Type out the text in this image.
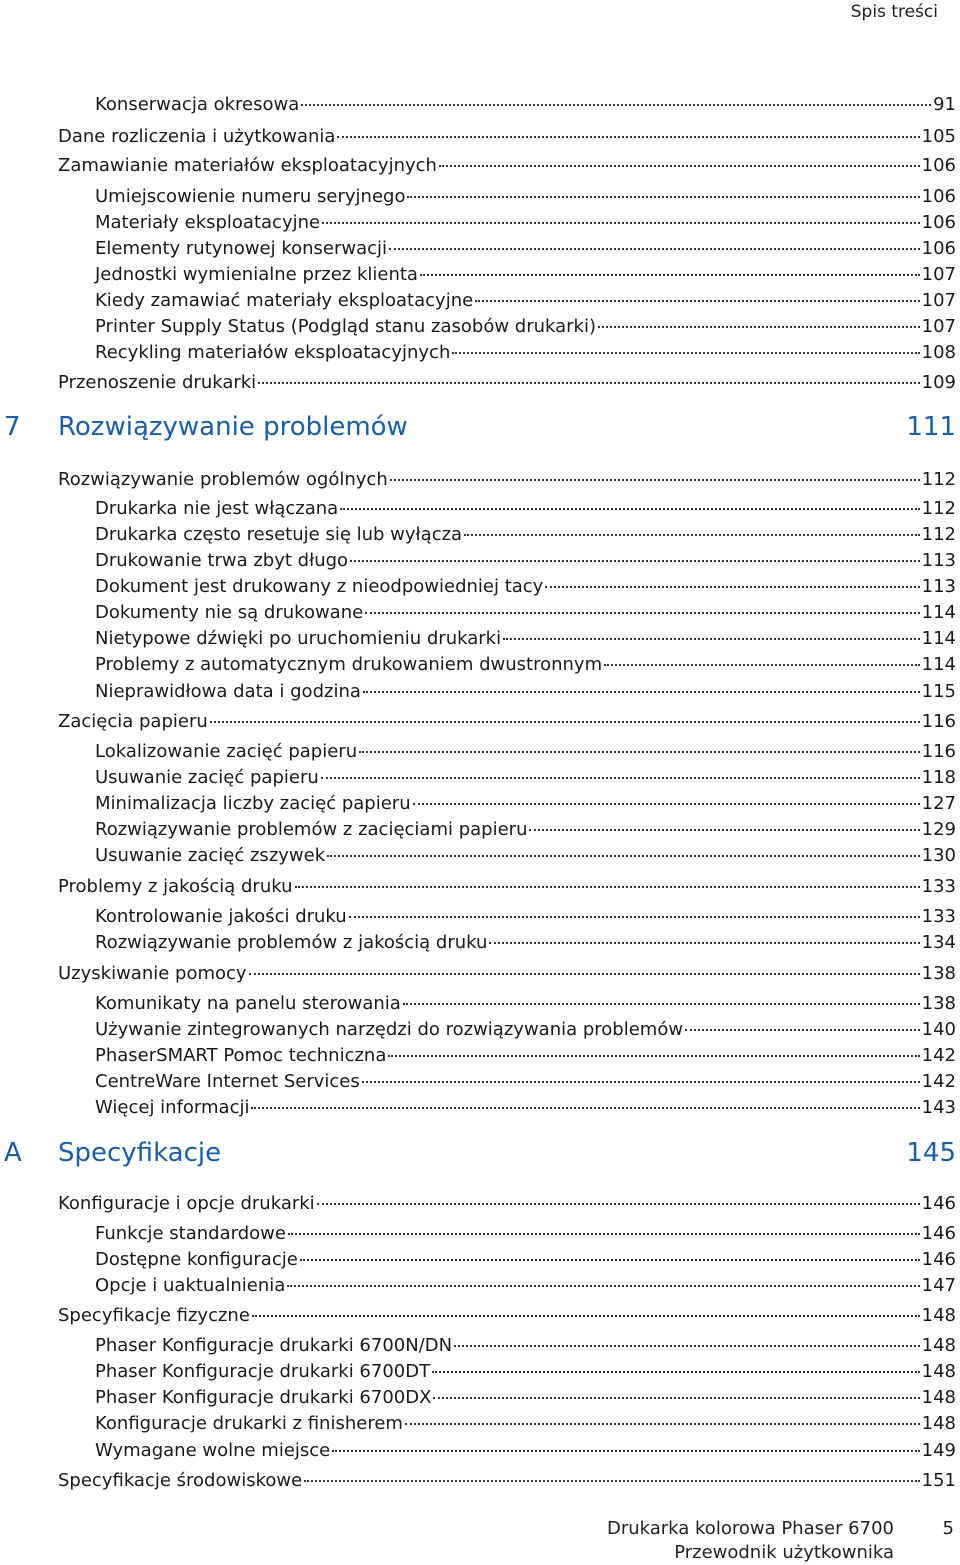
Spis treści
Konserwacja okresowa	91
Dane rozliczenia i użytkowania	105
Zamawianie materiałów eksploatacyjnych	106
Umiejscowienie numeru seryjnego	106
Materiały eksploatacyjne	106
Elementy rutynowej konserwacji	106
Jednostki wymienialne przez klienta	107
Kiedy zamawiać materiały eksploatacyjne	107
Printer Supply Status (Podgląd stanu zasobów drukarki)	107
Recykling materiałów eksploatacyjnych	108
Przenoszenie drukarki	109
7 Rozwiązywanie problemów	111
Rozwiązywanie problemów ogólnych	112
Drukarka nie jest włączana	112
Drukarka często resetuje się lub wyłącza	112
Drukowanie trwa zbyt długo	113
Dokument jest drukowany z nieodpowiedniej tacy	113
Dokumenty nie są drukowane	114
Nietypowe dźwięki po uruchomieniu drukarki	114
Problemy z automatycznym drukowaniem dwustronnym	114
Nieprawidłowa data i godzina	115
Zacięcia papieru	116
Lokalizowanie zacięć papieru	116
Usuwanie zacięć papieru	118
Minimalizacja liczby zacięć papieru	127
Rozwiązywanie problemów z zacięciami papieru	129
Usuwanie zacięć zszywek	130
Problemy z jakością druku	133
Kontrolowanie jakości druku	133
Rozwiązywanie problemów z jakością druku	134
Uzyskiwanie pomocy	138
Komunikaty na panelu sterowania	138
Używanie zintegrowanych narzędzi do rozwiązywania problemów	140
PhaserSMART Pomoc techniczna	142
CentreWare Internet Services	142
Więcej informacji	143
A Specyfikacje	145
Konfiguracje i opcje drukarki	146
Funkcje standardowe	146
Dostępne konfiguracje	146
Opcje i uaktualnienia	147
Specyfikacje fizyczne	148
Phaser Konfiguracje drukarki 6700N/DN	148
Phaser Konfiguracje drukarki 6700DT	148
Phaser Konfiguracje drukarki 6700DX	148
Konfiguracje drukarki z finisherem	148
Wymagane wolne miejsce	149
Specyfikacje środowiskowe	151
Drukarka kolorowa Phaser 6700
Przewodnik użytkownika
5
